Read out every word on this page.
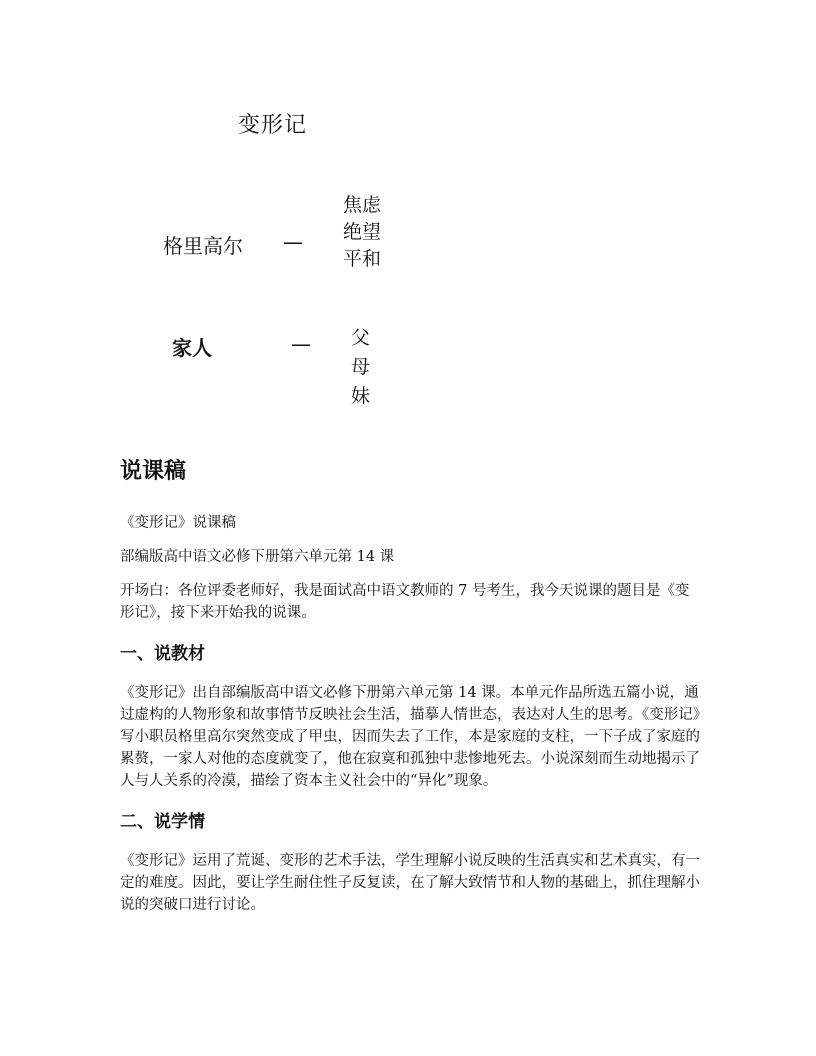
变形记
格里高尔 —
焦虑
绝望
平和
家人	— 父
母
妹
说课稿

《变形记》说课稿

部编版高中语文必修下册第六单元第 14 课

开场白：各位评委老师好，我是面试高中语文教师的 7 号考生，我今天说课的题目是《变形记》，接下来开始我的说课。

一、说教材

《变形记》出自部编版高中语文必修下册第六单元第 14 课。本单元作品所选五篇小说，通过虚构的人物形象和故事情节反映社会生活，描摹人情世态，表达对人生的思考。《变形记》写小职员格里高尔突然变成了甲虫，因而失去了工作，本是家庭的支柱，一下子成了家庭的累赘，一家人对他的态度就变了，他在寂寞和孤独中悲惨地死去。小说深刻而生动地揭示了人与人关系的冷漠，描绘了资本主义社会中的“异化”现象。

二、说学情

《变形记》运用了荒诞、变形的艺术手法，学生理解小说反映的生活真实和艺术真实，有一定的难度。因此，要让学生耐住性子反复读，在了解大致情节和人物的基础上，抓住理解小说的突破口进行讨论。
